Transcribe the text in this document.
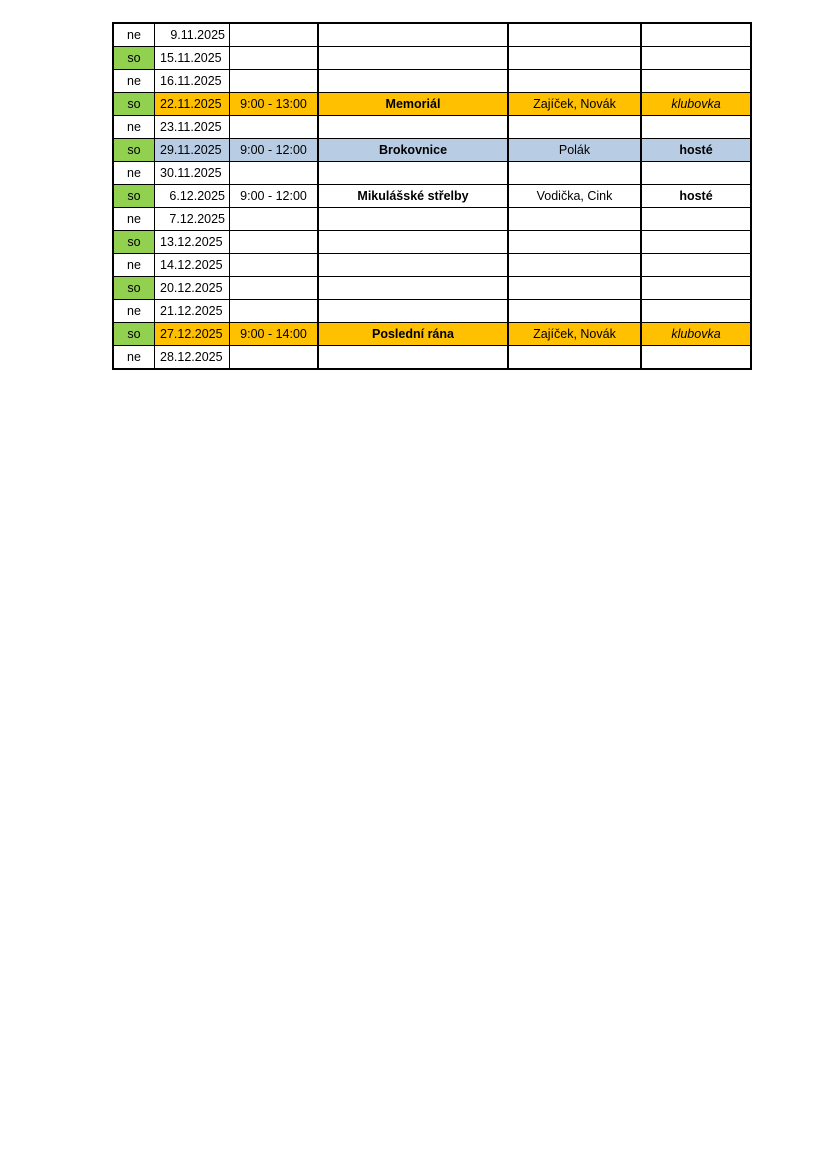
ne	9.11.2025				
so	15.11.2025				
ne	16.11.2025				
so	22.11.2025	9:00 - 13:00	Memoriál	Zajíček, Novák	klubovka
ne	23.11.2025				
so	29.11.2025	9:00 - 12:00	Brokovnice	Polák	hosté
ne	30.11.2025				
so	6.12.2025	9:00 - 12:00	Mikulášské střelby	Vodička, Cink	hosté
ne	7.12.2025				
so	13.12.2025				
ne	14.12.2025				
so	20.12.2025				
ne	21.12.2025				
so	27.12.2025	9:00 - 14:00	Poslední rána	Zajíček, Novák	klubovka
ne	28.12.2025				
